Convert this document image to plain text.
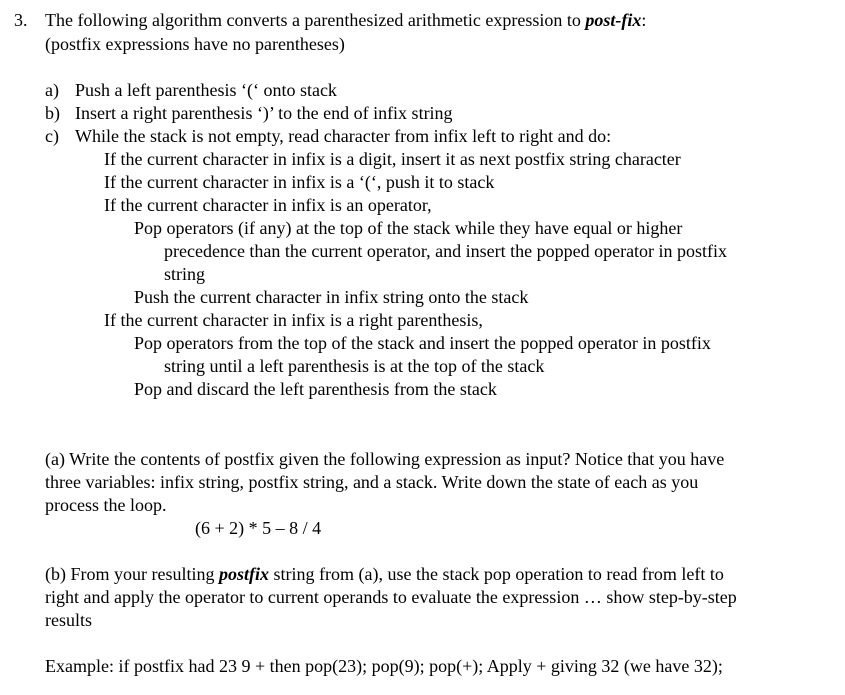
3. The following algorithm converts a parenthesized arithmetic expression to post-fix:
(postfix expressions have no parentheses)
a) Push a left parenthesis ‘(‘ onto stack
b) Insert a right parenthesis ‘)’ to the end of infix string
c) While the stack is not empty, read character from infix left to right and do:
If the current character in infix is a digit, insert it as next postfix string character
If the current character in infix is a ‘(‘, push it to stack
If the current character in infix is an operator,
Pop operators (if any) at the top of the stack while they have equal or higher
precedence than the current operator, and insert the popped operator in postfix
string
Push the current character in infix string onto the stack
If the current character in infix is a right parenthesis,
Pop operators from the top of the stack and insert the popped operator in postfix
string until a left parenthesis is at the top of the stack
Pop and discard the left parenthesis from the stack
(a) Write the contents of postfix given the following expression as input? Notice that you have
three variables: infix string, postfix string, and a stack. Write down the state of each as you
process the loop.
(6 + 2) * 5 – 8 / 4
(b) From your resulting postfix string from (a), use the stack pop operation to read from left to
right and apply the operator to current operands to evaluate the expression … show step-by-step
results
Example: if postfix had 23 9 + then pop(23); pop(9); pop(+); Apply + giving 32 (we have 32);
